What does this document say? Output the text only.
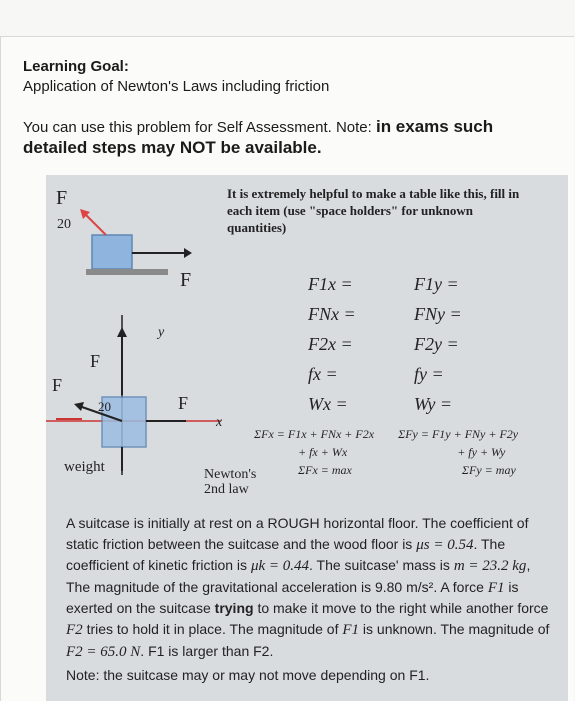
Learning Goal:
Application of Newton's Laws including friction
You can use this problem for Self Assessment. Note: in exams such detailed steps may NOT be available.
F
20
F
F
F
F
20
y
x
weight
It is extremely helpful to make a table like this, fill in each item (use "space holders" for unknown quantities)
F1x =
FNx =
F2x =
fx =
Wx =
F1y =
FNy =
F2y =
fy =
Wy =
ΣFx = F1x + FNx + F2x ΣFy = F1y + FNy + F2y
+ fx + Wx	+ fy + Wy
ΣFx = max	ΣFy = may
Newton's 2nd law
A suitcase is initially at rest on a ROUGH horizontal floor. The coefficient of static friction between the suitcase and the wood floor is μs = 0.54. The coefficient of kinetic friction is μk = 0.44. The suitcase' mass is m = 23.2 kg, The magnitude of the gravitational acceleration is 9.80 m/s². A force F1 is exerted on the suitcase trying to make it move to the right while another force F2 tries to hold it in place. The magnitude of F1 is unknown. The magnitude of F2 = 65.0 N. F1 is larger than F2.
Note: the suitcase may or may not move depending on F1.
